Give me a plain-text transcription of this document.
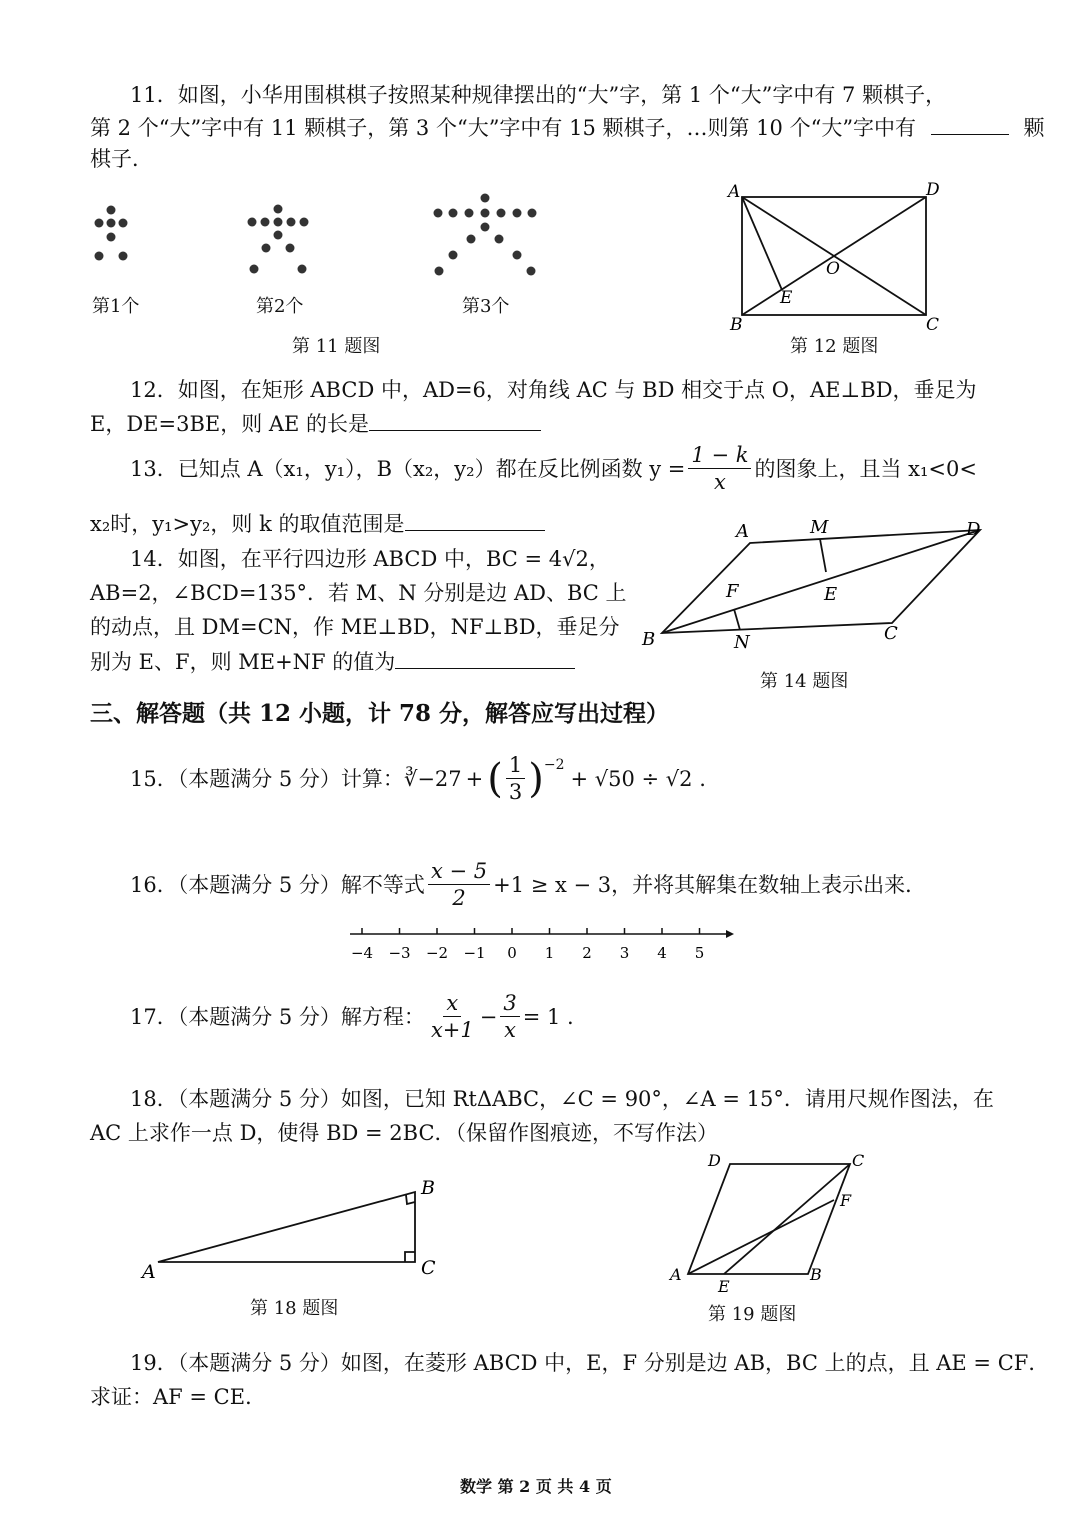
11．如图，小华用围棋棋子按照某种规律摆出的“大”字，第 1 个“大”字中有 7 颗棋子，
第 2 个“大”字中有 11 颗棋子，第 3 个“大”字中有 15 颗棋子，…则第 10 个“大”字中有	颗
棋子．
第1个	第2个	第3个
第 11 题图
A	D
B	C
O
E
第 12 题图
12．如图，在矩形 ABCD 中，AD=6，对角线 AC 与 BD 相交于点 O，AE⊥BD，垂足为
E，DE=3BE，则 AE 的长是
13．已知点 A（x₁，y₁），B（x₂，y₂）都在反比例函数 $y = \frac{1 - k}{x}$ 的图象上，且当 x₁<0<
x₂时，y₁>y₂，则 k 的取值范围是
14．如图，在平行四边形 ABCD 中，BC = 4√2，
AB=2，∠BCD=135°．若 M、N 分别是边 AD、BC 上
的动点，且 DM=CN，作 ME⊥BD，NF⊥BD，垂足分
别为 E、F，则 ME+NF 的值为
A	M	D
F	E
B	N	C
第 14 题图
三、解答题（共 12 小题，计 78 分，解答应写出过程）
15．（本题满分 5 分）计算： ∛−27 + ( $\frac{1}{3} )^{-2}$
+ √50 ÷ √2 .
16．（本题满分 5 分）解不等式 $\frac{x - 5}{2} +1 \ge x - 3$，并将其解集在数轴上表示出来．
−4 −3 −2 −1 0 1 2 3 4 5
17．（本题满分 5 分）解方程： $\frac{x}{x+1} - \frac{3}{x} = 1$ .
18．（本题满分 5 分）如图，已知 RtΔABC，∠C = 90°，∠A = 15°．请用尺规作图法，在
AC 上求作一点 D，使得 BD = 2BC．（保留作图痕迹，不写作法）
A
B
C
第 18 题图
D	C
F
A
E
B
第 19 题图
19．（本题满分 5 分）如图，在菱形 ABCD 中，E，F 分别是边 AB，BC 上的点，且 AE = CF．
求证：AF = CE．
数学 第 2 页 共 4 页
